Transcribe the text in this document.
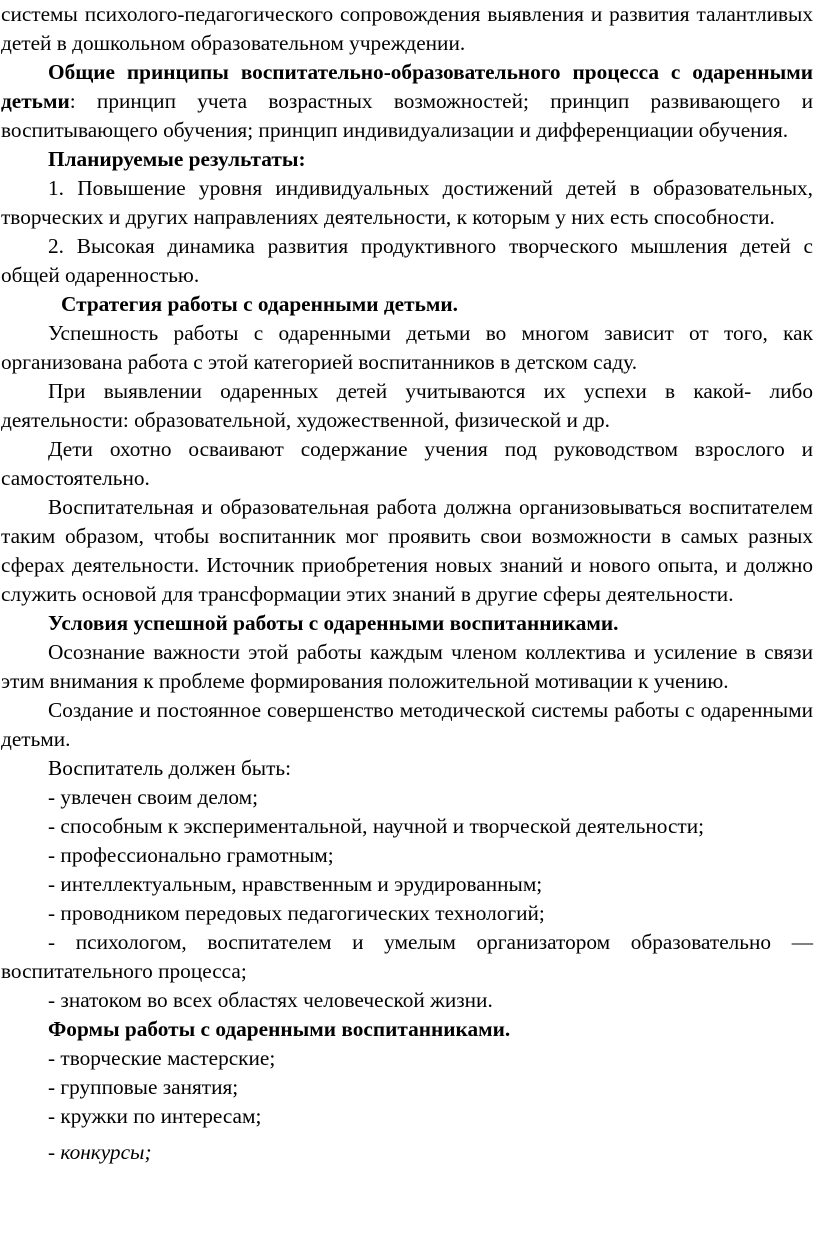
системы психолого-педагогического сопровождения выявления и развития талантливых детей в дошкольном образовательном учреждении.

Общие принципы воспитательно-образовательного процесса с одаренными детьми: принцип учета возрастных возможностей; принцип развивающего и воспитывающего обучения; принцип индивидуализации и дифференциации обучения.

Планируемые результаты:

1. Повышение уровня индивидуальных достижений детей в образовательных, творческих и других направлениях деятельности, к которым у них есть способности.

2. Высокая динамика развития продуктивного творческого мышления детей с общей одаренностью.

Стратегия работы с одаренными детьми.

Успешность работы с одаренными детьми во многом зависит от того, как организована работа с этой категорией воспитанников в детском саду.

При выявлении одаренных детей учитываются их успехи в какой- либо деятельности: образовательной, художественной, физической и др.

Дети охотно осваивают содержание учения под руководством взрослого и самостоятельно.

Воспитательная и образовательная работа должна организовываться воспитателем таким образом, чтобы воспитанник мог проявить свои возможности в самых разных сферах деятельности. Источник приобретения новых знаний и нового опыта, и должно служить основой для трансформации этих знаний в другие сферы деятельности.

Условия успешной работы с одаренными воспитанниками.

Осознание важности этой работы каждым членом коллектива и усиление в связи этим внимания к проблеме формирования положительной мотивации к учению.

Создание и постоянное совершенство методической системы работы с одаренными детьми.

Воспитатель должен быть:

- увлечен своим делом;

- способным к экспериментальной, научной и творческой деятельности;

- профессионально грамотным;

- интеллектуальным, нравственным и эрудированным;

- проводником передовых педагогических технологий;

- психологом, воспитателем и умелым организатором образовательно — воспитательного процесса;

- знатоком во всех областях человеческой жизни.

Формы работы с одаренными воспитанниками.

- творческие мастерские;

- групповые занятия;

- кружки по интересам;

- конкурсы;
